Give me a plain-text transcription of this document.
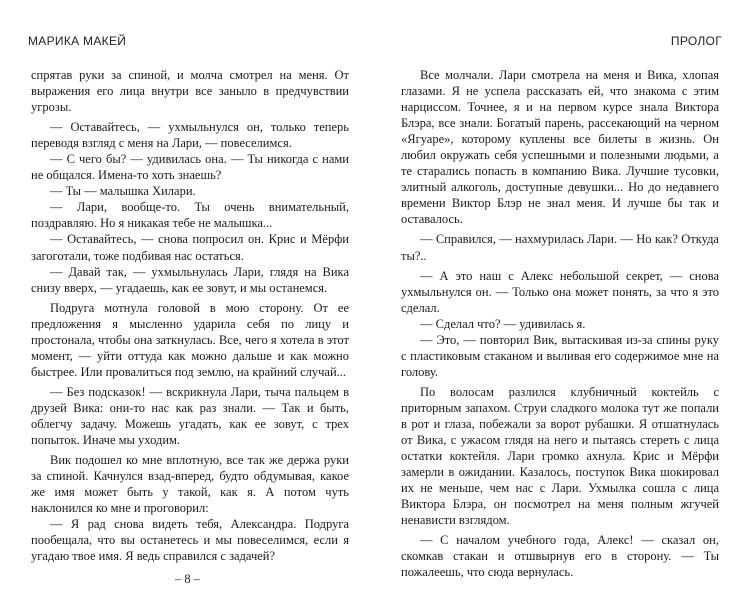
МАРИКА МАКЕЙ	ПРОЛОГ

спрятав руки за спиной, и молча смотрел на меня. От выражения его лица внутри все заныло в предчувствии угрозы.

— Оставайтесь, — ухмыльнулся он, только теперь переводя взгляд с меня на Лари, — повеселимся.

— С чего бы? — удивилась она. — Ты никогда с нами не общался. Имена-то хоть знаешь?

— Ты — малышка Хилари.

— Лари, вообще-то. Ты очень внимательный, поздравляю. Но я никакая тебе не малышка...

— Оставайтесь, — снова попросил он. Крис и Мёрфи загоготали, тоже подбивая нас остаться.

— Давай так, — ухмыльнулась Лари, глядя на Вика снизу вверх, — угадаешь, как ее зовут, и мы останемся.

Подруга мотнула головой в мою сторону. От ее предложения я мысленно ударила себя по лицу и простонала, чтобы она заткнулась. Все, чего я хотела в этот момент, — уйти оттуда как можно дальше и как можно быстрее. Или провалиться под землю, на крайний случай...

— Без подсказок! — вскрикнула Лари, тыча пальцем в друзей Вика: они-то нас как раз знали. — Так и быть, облегчу задачу. Можешь угадать, как ее зовут, с трех попыток. Иначе мы уходим.

Вик подошел ко мне вплотную, все так же держа руки за спиной. Качнулся взад-вперед, будто обдумывая, какое же имя может быть у такой, как я. А потом чуть наклонился ко мне и проговорил:

— Я рад снова видеть тебя, Александра. Подруга пообещала, что вы останетесь и мы повеселимся, если я угадаю твое имя. Я ведь справился с задачей?

Все молчали. Лари смотрела на меня и Вика, хлопая глазами. Я не успела рассказать ей, что знакома с этим нарциссом. Точнее, я и на первом курсе знала Виктора Блэра, все знали. Богатый парень, рассекающий на черном «Ягуаре», которому куплены все билеты в жизнь. Он любил окружать себя успешными и полезными людьми, а те старались попасть в компанию Вика. Лучшие тусовки, элитный алкоголь, доступные девушки... Но до недавнего времени Виктор Блэр не знал меня. И лучше бы так и оставалось.

— Справился, — нахмурилась Лари. — Но как? Откуда ты?..

— А это наш с Алекс небольшой секрет, — снова ухмыльнулся он. — Только она может понять, за что я это сделал.

— Сделал что? — удивилась я.

— Это, — повторил Вик, вытаскивая из-за спины руку с пластиковым стаканом и выливая его содержимое мне на голову.

По волосам разлился клубничный коктейль с приторным запахом. Струи сладкого молока тут же попали в рот и глаза, побежали за ворот рубашки. Я отшатнулась от Вика, с ужасом глядя на него и пытаясь стереть с лица остатки коктейля. Лари громко ахнула. Крис и Мёрфи замерли в ожидании. Казалось, поступок Вика шокировал их не меньше, чем нас с Лари. Ухмылка сошла с лица Виктора Блэра, он посмотрел на меня полным жгучей ненависти взглядом.

— С началом учебного года, Алекс! — сказал он, скомкав стакан и отшвырнув его в сторону. — Ты пожалеешь, что сюда вернулась.

– 8 –
